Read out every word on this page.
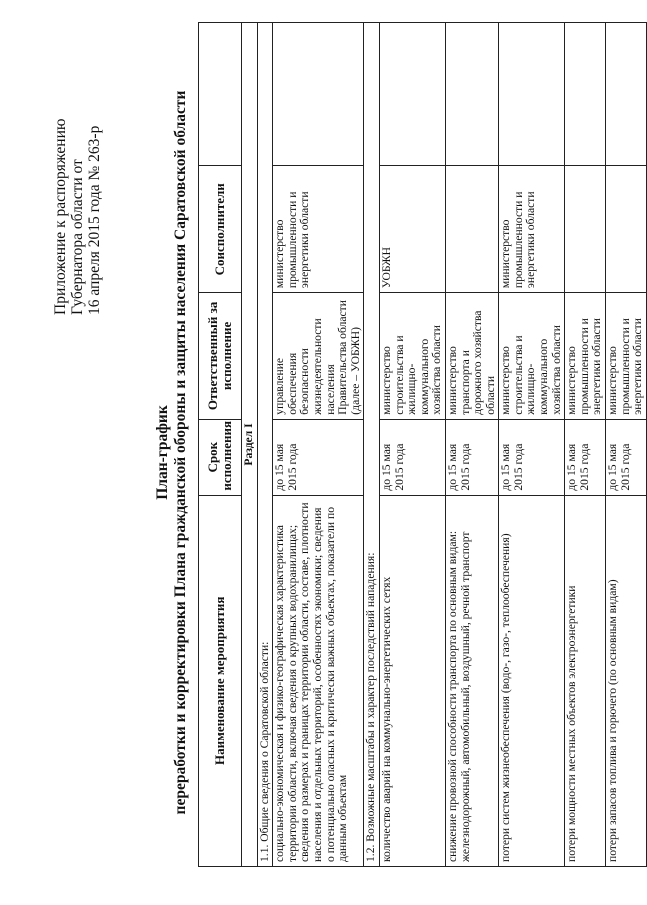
Приложение к распоряжению Губернатора области от 16 апреля 2015 года № 263-р
План-график переработки и корректировки Плана гражданской обороны и защиты населения Саратовской области Наименование мероприятия	Срок исполнения	Ответственный за исполнение	Соисполнители	
Раздел I				
1.1. Общие сведения о Саратовской области:				
социально-экономическая и физико-географическая характеристика территории области, включая сведения о крупных водохранилищах; сведения о размерах и границах территории области, составе, плотности населения и отдельных территорий, особенностях экономики; сведения о потенциально опасных и критически важных объектах, показатели по данным объектам	до 15 мая 2015 года	управление обеспечения безопасности жизнедеятельности населения Правительства области (далее – УОБЖН)	министерство промышленности и энергетики области	
1.2. Возможные масштабы и характер последствий нападения:				
количество аварий на коммунально-энергетических сетях	до 15 мая 2015 года	министерство строительства и жилищно-коммунального хозяйства области	УОБЖН	
снижение провозной способности транспорта по основным видам: железнодорожный, автомобильный, воздушный, речной транспорт	до 15 мая 2015 года	министерство транспорта и дорожного хозяйства области		
потери систем жизнеобеспечения (водо-, газо-, теплообеспечения)	до 15 мая 2015 года	министерство строительства и жилищно-коммунального хозяйства области	министерство промышленности и энергетики области	
потери мощности местных объектов электроэнергетики	до 15 мая 2015 года	министерство промышленности и энергетики области		
потери запасов топлива и горючего (по основным видам)	до 15 мая 2015 года	министерство промышленности и энергетики области		
